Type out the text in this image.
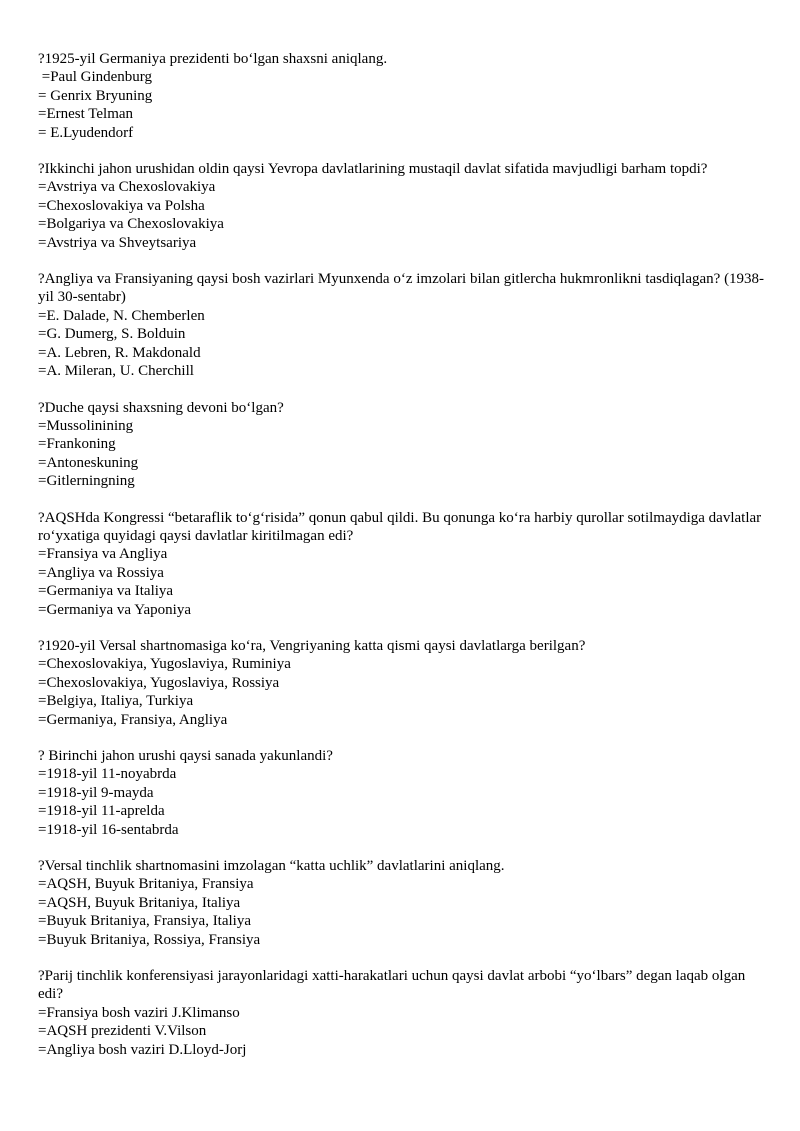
?1925-yil Germaniya prezidenti bo‘lgan shaxsni aniqlang.
=Paul Gindenburg
= Genrix Bryuning
=Ernest Telman
= E.Lyudendorf
?Ikkinchi jahon urushidan oldin qaysi Yevropa davlatlarining mustaqil davlat sifatida mavjudligi barham topdi?
=Avstriya va Chexoslovakiya
=Chexoslovakiya va Polsha
=Bolgariya va Chexoslovakiya
=Avstriya va Shveytsariya
?Angliya va Fransiyaning qaysi bosh vazirlari Myunxenda o‘z imzolari bilan gitlercha hukmronlikni tasdiqlagan? (1938-yil 30-sentabr)
=E. Dalade, N. Chemberlen
=G. Dumerg, S. Bolduin
=A. Lebren, R. Makdonald
=A. Mileran, U. Cherchill
?Duche qaysi shaxsning devoni bo‘lgan?
=Mussolinining
=Frankoning
=Antoneskuning
=Gitlerningning
?AQSHda Kongressi “betaraflik to‘g‘risida” qonun qabul qildi. Bu qonunga ko‘ra harbiy qurollar sotilmaydiga davlatlar ro‘yxatiga quyidagi qaysi davlatlar kiritilmagan edi?
=Fransiya va Angliya
=Angliya va Rossiya
=Germaniya va Italiya
=Germaniya va Yaponiya
?1920-yil Versal shartnomasiga ko‘ra, Vengriyaning katta qismi qaysi davlatlarga berilgan?
=Chexoslovakiya, Yugoslaviya, Ruminiya
=Chexoslovakiya, Yugoslaviya, Rossiya
=Belgiya, Italiya, Turkiya
=Germaniya, Fransiya, Angliya
? Birinchi jahon urushi qaysi sanada yakunlandi?
=1918-yil 11-noyabrda
=1918-yil 9-mayda
=1918-yil 11-aprelda
=1918-yil 16-sentabrda
?Versal tinchlik shartnomasini imzolagan “katta uchlik” davlatlarini aniqlang.
=AQSH, Buyuk Britaniya, Fransiya
=AQSH, Buyuk Britaniya, Italiya
=Buyuk Britaniya, Fransiya, Italiya
=Buyuk Britaniya, Rossiya, Fransiya
?Parij tinchlik konferensiyasi jarayonlaridagi xatti-harakatlari uchun qaysi davlat arbobi “yo‘lbars” degan laqab olgan edi?
=Fransiya bosh vaziri J.Klimanso
=AQSH prezidenti V.Vilson
=Angliya bosh vaziri D.Lloyd-Jorj
